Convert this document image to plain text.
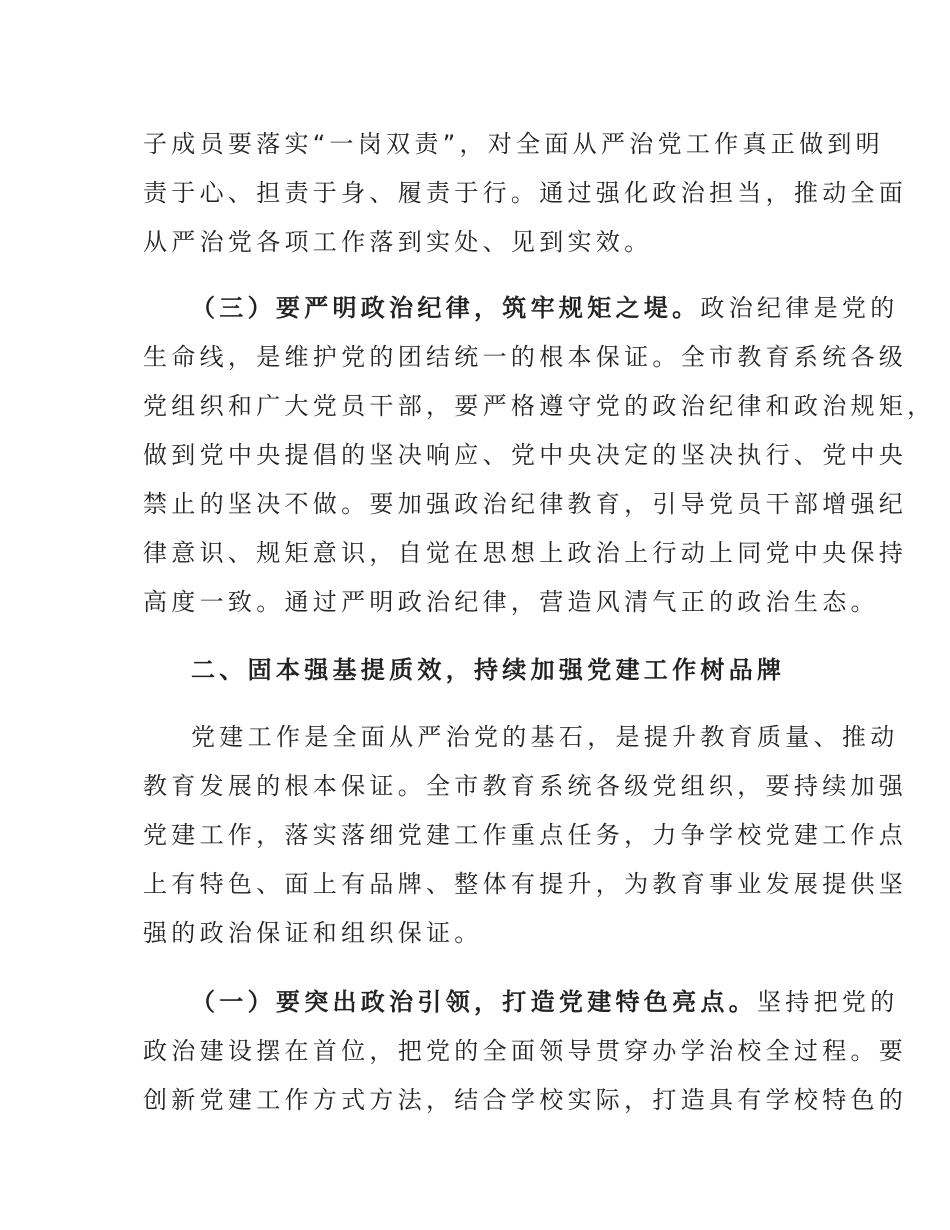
子成员要落实“一岗双责”，对全面从严治党工作真正做到明
责于心、担责于身、履责于行。通过强化政治担当，推动全面
从严治党各项工作落到实处、见到实效。
（三）要严明政治纪律，筑牢规矩之堤。政治纪律是党的
生命线，是维护党的团结统一的根本保证。全市教育系统各级
党组织和广大党员干部，要严格遵守党的政治纪律和政治规矩，
做到党中央提倡的坚决响应、党中央决定的坚决执行、党中央
禁止的坚决不做。要加强政治纪律教育，引导党员干部增强纪
律意识、规矩意识，自觉在思想上政治上行动上同党中央保持
高度一致。通过严明政治纪律，营造风清气正的政治生态。
二、固本强基提质效，持续加强党建工作树品牌
党建工作是全面从严治党的基石，是提升教育质量、推动
教育发展的根本保证。全市教育系统各级党组织，要持续加强
党建工作，落实落细党建工作重点任务，力争学校党建工作点
上有特色、面上有品牌、整体有提升，为教育事业发展提供坚
强的政治保证和组织保证。
（一）要突出政治引领，打造党建特色亮点。坚持把党的
政治建设摆在首位，把党的全面领导贯穿办学治校全过程。要
创新党建工作方式方法，结合学校实际，打造具有学校特色的
